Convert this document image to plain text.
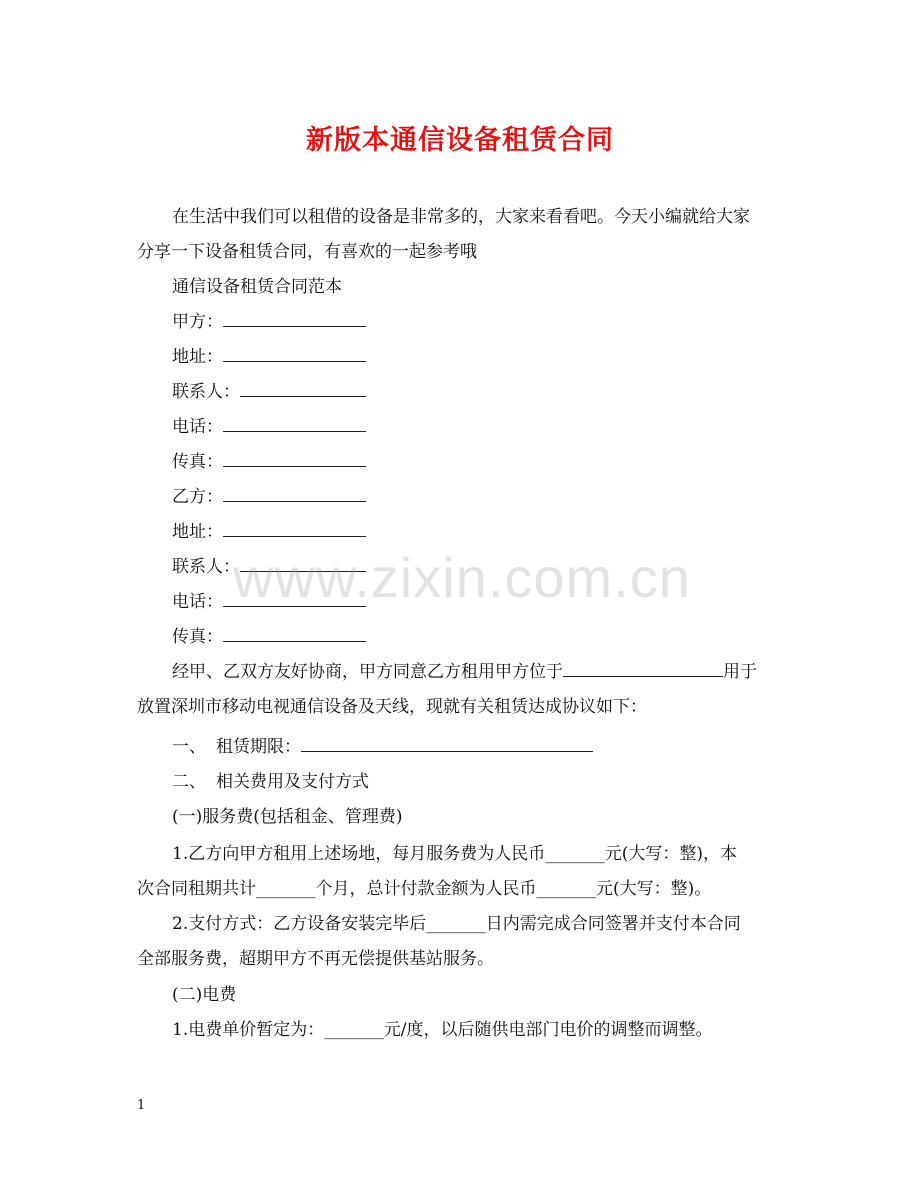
新版本通信设备租赁合同
在生活中我们可以租借的设备是非常多的，大家来看看吧。今天小编就给大家
分享一下设备租赁合同，有喜欢的一起参考哦
通信设备租赁合同范本
甲方：
地址：
联系人：
电话：
传真：
乙方：
地址：
联系人：
电话：
传真：
经甲、乙双方友好协商，甲方同意乙方租用甲方位于	用于
放置深圳市移动电视通信设备及天线，现就有关租赁达成协议如下：
一、 租赁期限：
二、 相关费用及支付方式
(一)服务费(包括租金、管理费)
1.乙方向甲方租用上述场地，每月服务费为人民币_______元(大写：整)，本
次合同租期共计_______个月，总计付款金额为人民币_______元(大写：整)。
2.支付方式：乙方设备安装完毕后_______日内需完成合同签署并支付本合同
全部服务费，超期甲方不再无偿提供基站服务。
(二)电费
1.电费单价暂定为：_______元/度，以后随供电部门电价的调整而调整。
www.zixin.com.cn
1
